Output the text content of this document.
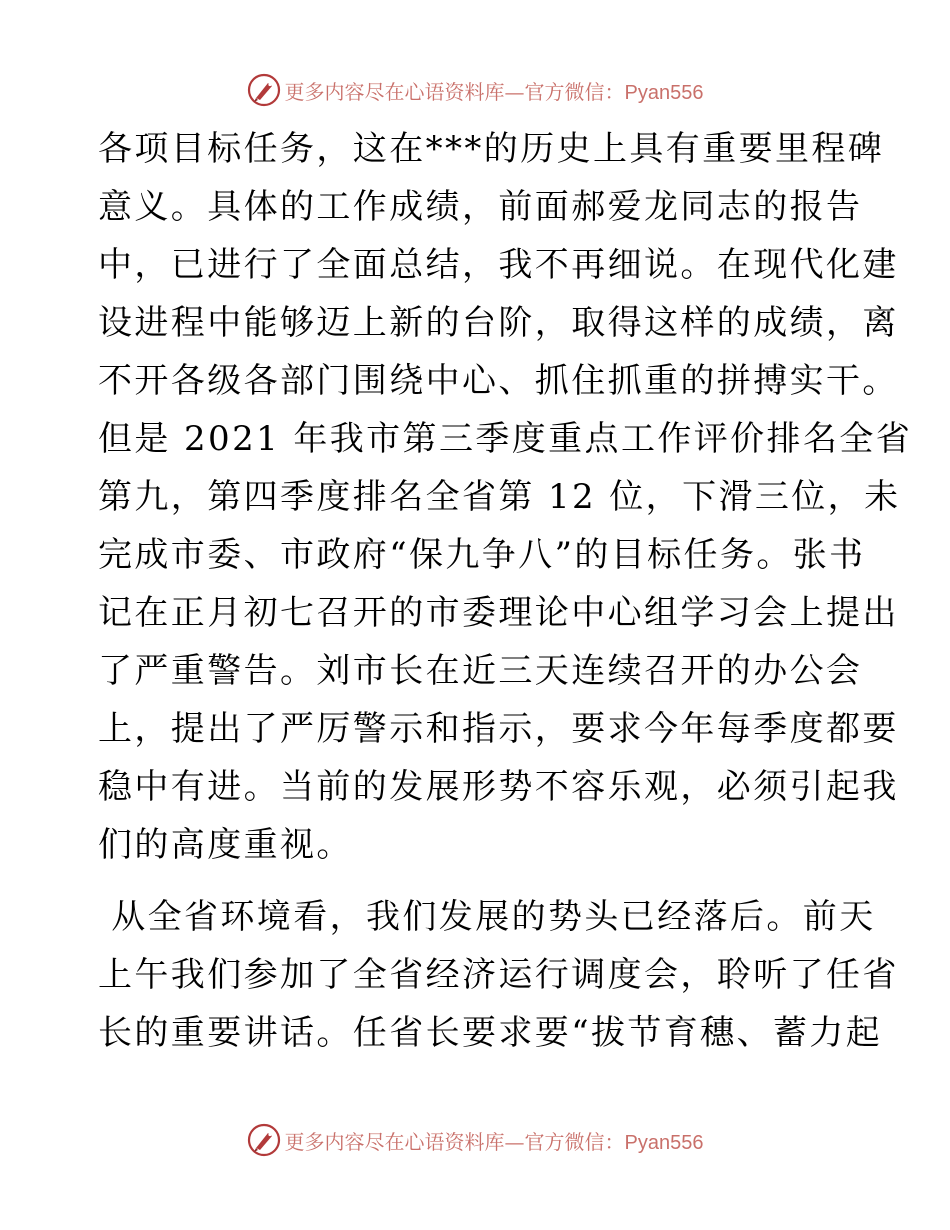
更多内容尽在心语资料库—官方微信：Pyan556
各项目标任务，这在***的历史上具有重要里程碑
意义。具体的工作成绩，前面郝爱龙同志的报告
中，已进行了全面总结，我不再细说。在现代化建
设进程中能够迈上新的台阶，取得这样的成绩，离
不开各级各部门围绕中心、抓住抓重的拼搏实干。
但是 2021 年我市第三季度重点工作评价排名全省
第九，第四季度排名全省第 12 位，下滑三位，未
完成市委、市政府“保九争八”的目标任务。张书
记在正月初七召开的市委理论中心组学习会上提出
了严重警告。刘市长在近三天连续召开的办公会
上，提出了严厉警示和指示，要求今年每季度都要
稳中有进。当前的发展形势不容乐观，必须引起我
们的高度重视。
从全省环境看，我们发展的势头已经落后。前天
上午我们参加了全省经济运行调度会，聆听了任省
长的重要讲话。任省长要求要“拔节育穗、蓄力起
更多内容尽在心语资料库—官方微信：Pyan556
